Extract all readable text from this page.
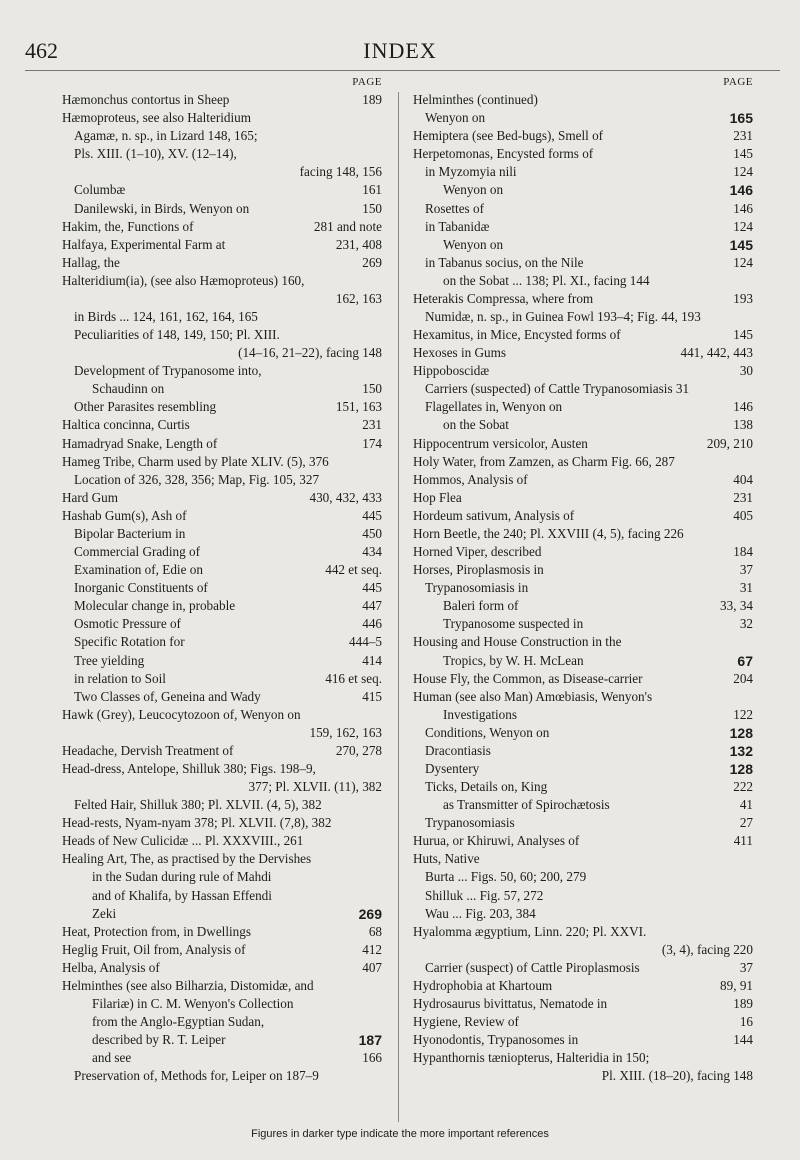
462	INDEX
PAGE
Hæmonchus contortus in Sheep	189
Hæmoproteus, see also Halteridium
Agamæ, n. sp., in Lizard 148, 165;
Pls. XIII. (1–10), XV. (12–14),
facing 148, 156
Columbæ	161
Danilewski, in Birds, Wenyon on	150
Hakim, the, Functions of	281 and note
Halfaya, Experimental Farm at	231, 408
Hallag, the	269
Halteridium(ia), (see also Hæmoproteus) 160,
162, 163
in Birds ... 124, 161, 162, 164, 165
Peculiarities of 148, 149, 150; Pl. XIII.
(14–16, 21–22), facing 148
Development of Trypanosome into,
Schaudinn on	150
Other Parasites resembling	151, 163
Haltica concinna, Curtis	231
Hamadryad Snake, Length of	174
Hameg Tribe, Charm used by Plate XLIV. (5), 376
Location of 326, 328, 356; Map, Fig. 105, 327
Hard Gum	430, 432, 433
Hashab Gum(s), Ash of	445
Bipolar Bacterium in	450
Commercial Grading of	434
Examination of, Edie on	442 et seq.
Inorganic Constituents of	445
Molecular change in, probable	447
Osmotic Pressure of	446
Specific Rotation for	444–5
Tree yielding	414
in relation to Soil	416 et seq.
Two Classes of, Geneina and Wady	415
Hawk (Grey), Leucocytozoon of, Wenyon on
159, 162, 163
Headache, Dervish Treatment of	270, 278
Head-dress, Antelope, Shilluk 380; Figs. 198–9,
377; Pl. XLVII. (11), 382
Felted Hair, Shilluk 380; Pl. XLVII. (4, 5), 382
Head-rests, Nyam-nyam 378; Pl. XLVII. (7,8), 382
Heads of New Culicidæ ... Pl. XXXVIII., 261
Healing Art, The, as practised by the Dervishes
in the Sudan during rule of Mahdi
and of Khalifa, by Hassan Effendi
Zeki	269
Heat, Protection from, in Dwellings	68
Heglig Fruit, Oil from, Analysis of	412
Helba, Analysis of	407
Helminthes (see also Bilharzia, Distomidæ, and
Filariæ) in C. M. Wenyon's Collection
from the Anglo-Egyptian Sudan,
described by R. T. Leiper	187
and see	166
Preservation of, Methods for, Leiper on 187–9
PAGE
Helminthes (continued)
Wenyon on	165
Hemiptera (see Bed-bugs), Smell of	231
Herpetomonas, Encysted forms of	145
in Myzomyia nili	124
Wenyon on	146
Rosettes of	146
in Tabanidæ	124
Wenyon on	145
in Tabanus socius, on the Nile	124
on the Sobat ... 138; Pl. XI., facing 144
Heterakis Compressa, where from	193
Numidæ, n. sp., in Guinea Fowl 193–4; Fig. 44, 193
Hexamitus, in Mice, Encysted forms of	145
Hexoses in Gums	441, 442, 443
Hippoboscidæ	30
Carriers (suspected) of Cattle Trypanosomiasis 31
Flagellates in, Wenyon on	146
on the Sobat	138
Hippocentrum versicolor, Austen	209, 210
Holy Water, from Zamzen, as Charm Fig. 66, 287
Hommos, Analysis of	404
Hop Flea	231
Hordeum sativum, Analysis of	405
Horn Beetle, the 240; Pl. XXVIII (4, 5), facing 226
Horned Viper, described	184
Horses, Piroplasmosis in	37
Trypanosomiasis in	31
Baleri form of	33, 34
Trypanosome suspected in	32
Housing and House Construction in the
Tropics, by W. H. McLean	67
House Fly, the Common, as Disease-carrier	204
Human (see also Man) Amœbiasis, Wenyon's
Investigations	122
Conditions, Wenyon on	128
Dracontiasis	132
Dysentery	128
Ticks, Details on, King	222
as Transmitter of Spirochætosis	41
Trypanosomiasis	27
Hurua, or Khiruwi, Analyses of	411
Huts, Native
Burta ... Figs. 50, 60; 200, 279
Shilluk ... Fig. 57, 272
Wau ... Fig. 203, 384
Hyalomma ægyptium, Linn. 220; Pl. XXVI.
(3, 4), facing 220
Carrier (suspect) of Cattle Piroplasmosis	37
Hydrophobia at Khartoum	89, 91
Hydrosaurus bivittatus, Nematode in	189
Hygiene, Review of	16
Hyonodontis, Trypanosomes in	144
Hypanthornis tæniopterus, Halteridia in 150;
Pl. XIII. (18–20), facing 148
Figures in darker type indicate the more important references
